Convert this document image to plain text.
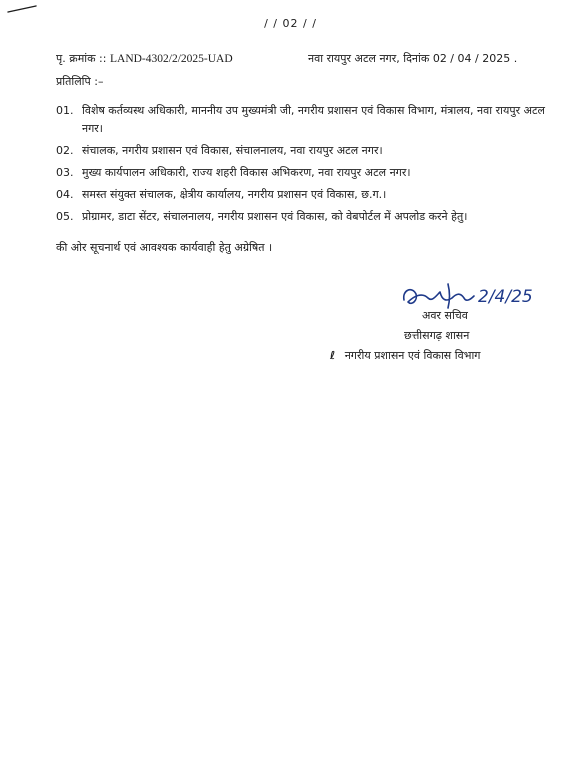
/ / 02 / /
पृ. क्रमांक :: LAND-4302/2/2025-UAD	नवा रायपुर अटल नगर, दिनांक 02 / 04 / 2025 .
प्रतिलिपि :–
01. विशेष कर्तव्यस्थ अधिकारी, माननीय उप मुख्यमंत्री जी, नगरीय प्रशासन एवं विकास विभाग, मंत्रालय, नवा रायपुर अटल नगर।
02. संचालक, नगरीय प्रशासन एवं विकास, संचालनालय, नवा रायपुर अटल नगर।
03. मुख्य कार्यपालन अधिकारी, राज्य शहरी विकास अभिकरण, नवा रायपुर अटल नगर।
04. समस्त संयुक्त संचालक, क्षेत्रीय कार्यालय, नगरीय प्रशासन एवं विकास, छ.ग.।
05. प्रोग्रामर, डाटा सेंटर, संचालनालय, नगरीय प्रशासन एवं विकास, को वेबपोर्टल में अपलोड करने हेतु।
की ओर सूचनार्थ एवं आवश्यक कार्यवाही हेतु अग्रेषित ।
2/4/25
अवर सचिव
छत्तीसगढ़ शासन
ℓ नगरीय प्रशासन एवं विकास विभाग
